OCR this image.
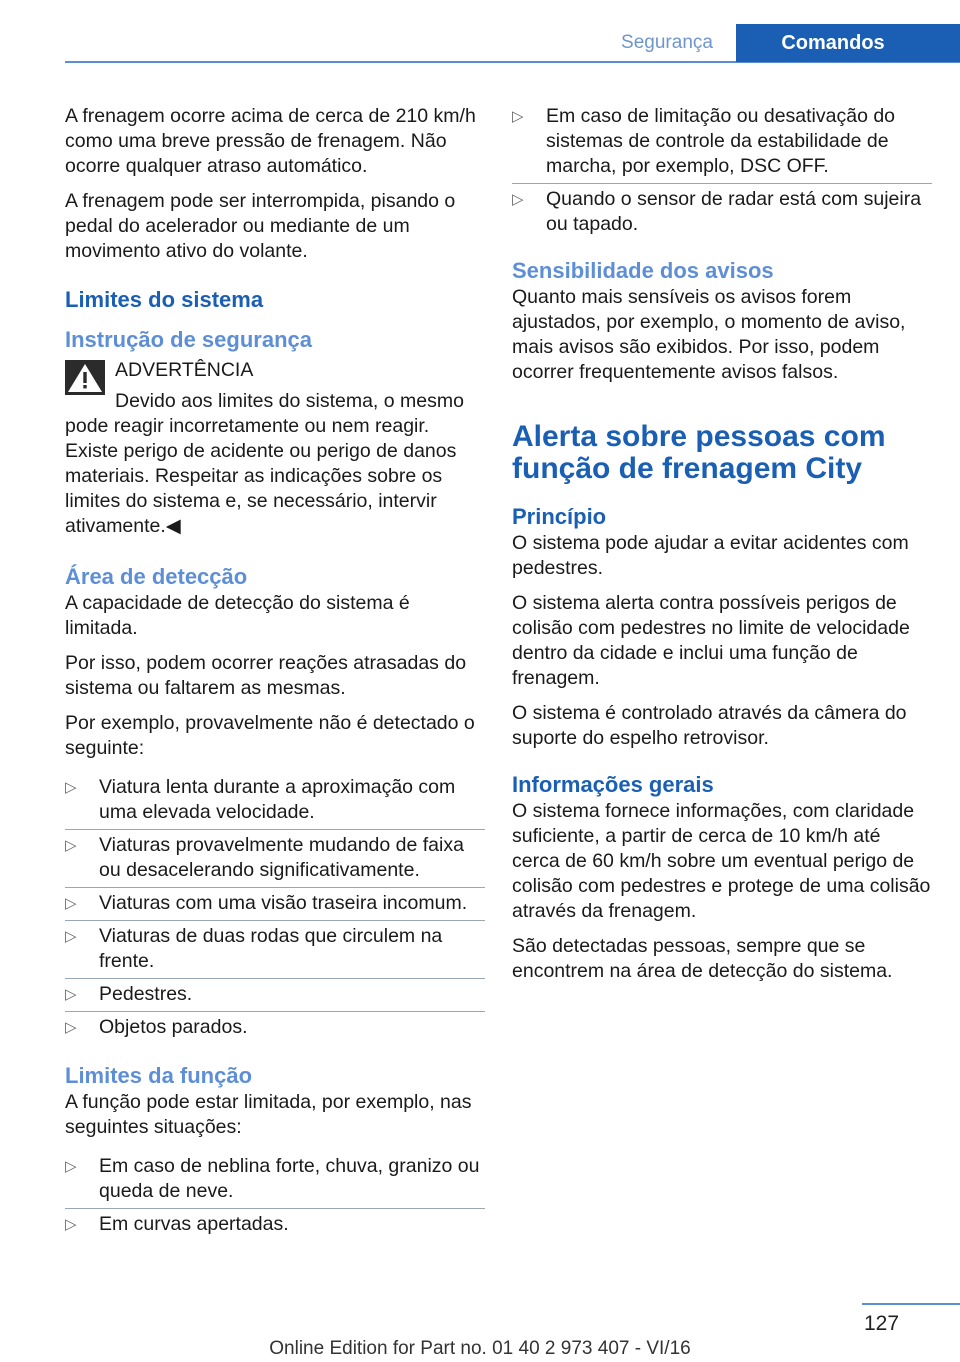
Segurança	Comandos

A frenagem ocorre acima de cerca de 210 km/h como uma breve pressão de frenagem. Não ocorre qualquer atraso automático.

A frenagem pode ser interrompida, pisando o pedal do acelerador ou mediante de um movimento ativo do volante.

Limites do sistema
Instrução de segurança
ADVERTÊNCIA

Devido aos limites do sistema, o mesmo pode reagir incorretamente ou nem reagir. Existe perigo de acidente ou perigo de danos materiais. Respeitar as indicações sobre os limites do sistema e, se necessário, intervir ativamente.◀

Área de detecção

A capacidade de detecção do sistema é limitada.

Por isso, podem ocorrer reações atrasadas do sistema ou faltarem as mesmas.

Por exemplo, provavelmente não é detectado o seguinte:

▷ Viatura lenta durante a aproximação com uma elevada velocidade.
▷ Viaturas provavelmente mudando de faixa ou desacelerando significativamente.
▷ Viaturas com uma visão traseira incomum.
▷ Viaturas de duas rodas que circulem na frente.
▷ Pedestres.
▷ Objetos parados.
Limites da função

A função pode estar limitada, por exemplo, nas seguintes situações:

▷ Em caso de neblina forte, chuva, granizo ou queda de neve.
▷ Em curvas apertadas.
▷ Em caso de limitação ou desativação do sistemas de controle da estabilidade de marcha, por exemplo, DSC OFF.
▷ Quando o sensor de radar está com sujeira ou tapado.
Sensibilidade dos avisos

Quanto mais sensíveis os avisos forem ajustados, por exemplo, o momento de aviso, mais avisos são exibidos. Por isso, podem ocorrer frequentemente avisos falsos.

Alerta sobre pessoas com função de frenagem City
Princípio

O sistema pode ajudar a evitar acidentes com pedestres.

O sistema alerta contra possíveis perigos de colisão com pedestres no limite de velocidade dentro da cidade e inclui uma função de frenagem.

O sistema é controlado através da câmera do suporte do espelho retrovisor.

Informações gerais

O sistema fornece informações, com claridade suficiente, a partir de cerca de 10 km/h até cerca de 60 km/h sobre um eventual perigo de colisão com pedestres e protege de uma colisão através da frenagem.

São detectadas pessoas, sempre que se encontrem na área de detecção do sistema.

127
Online Edition for Part no. 01 40 2 973 407 - VI/16
